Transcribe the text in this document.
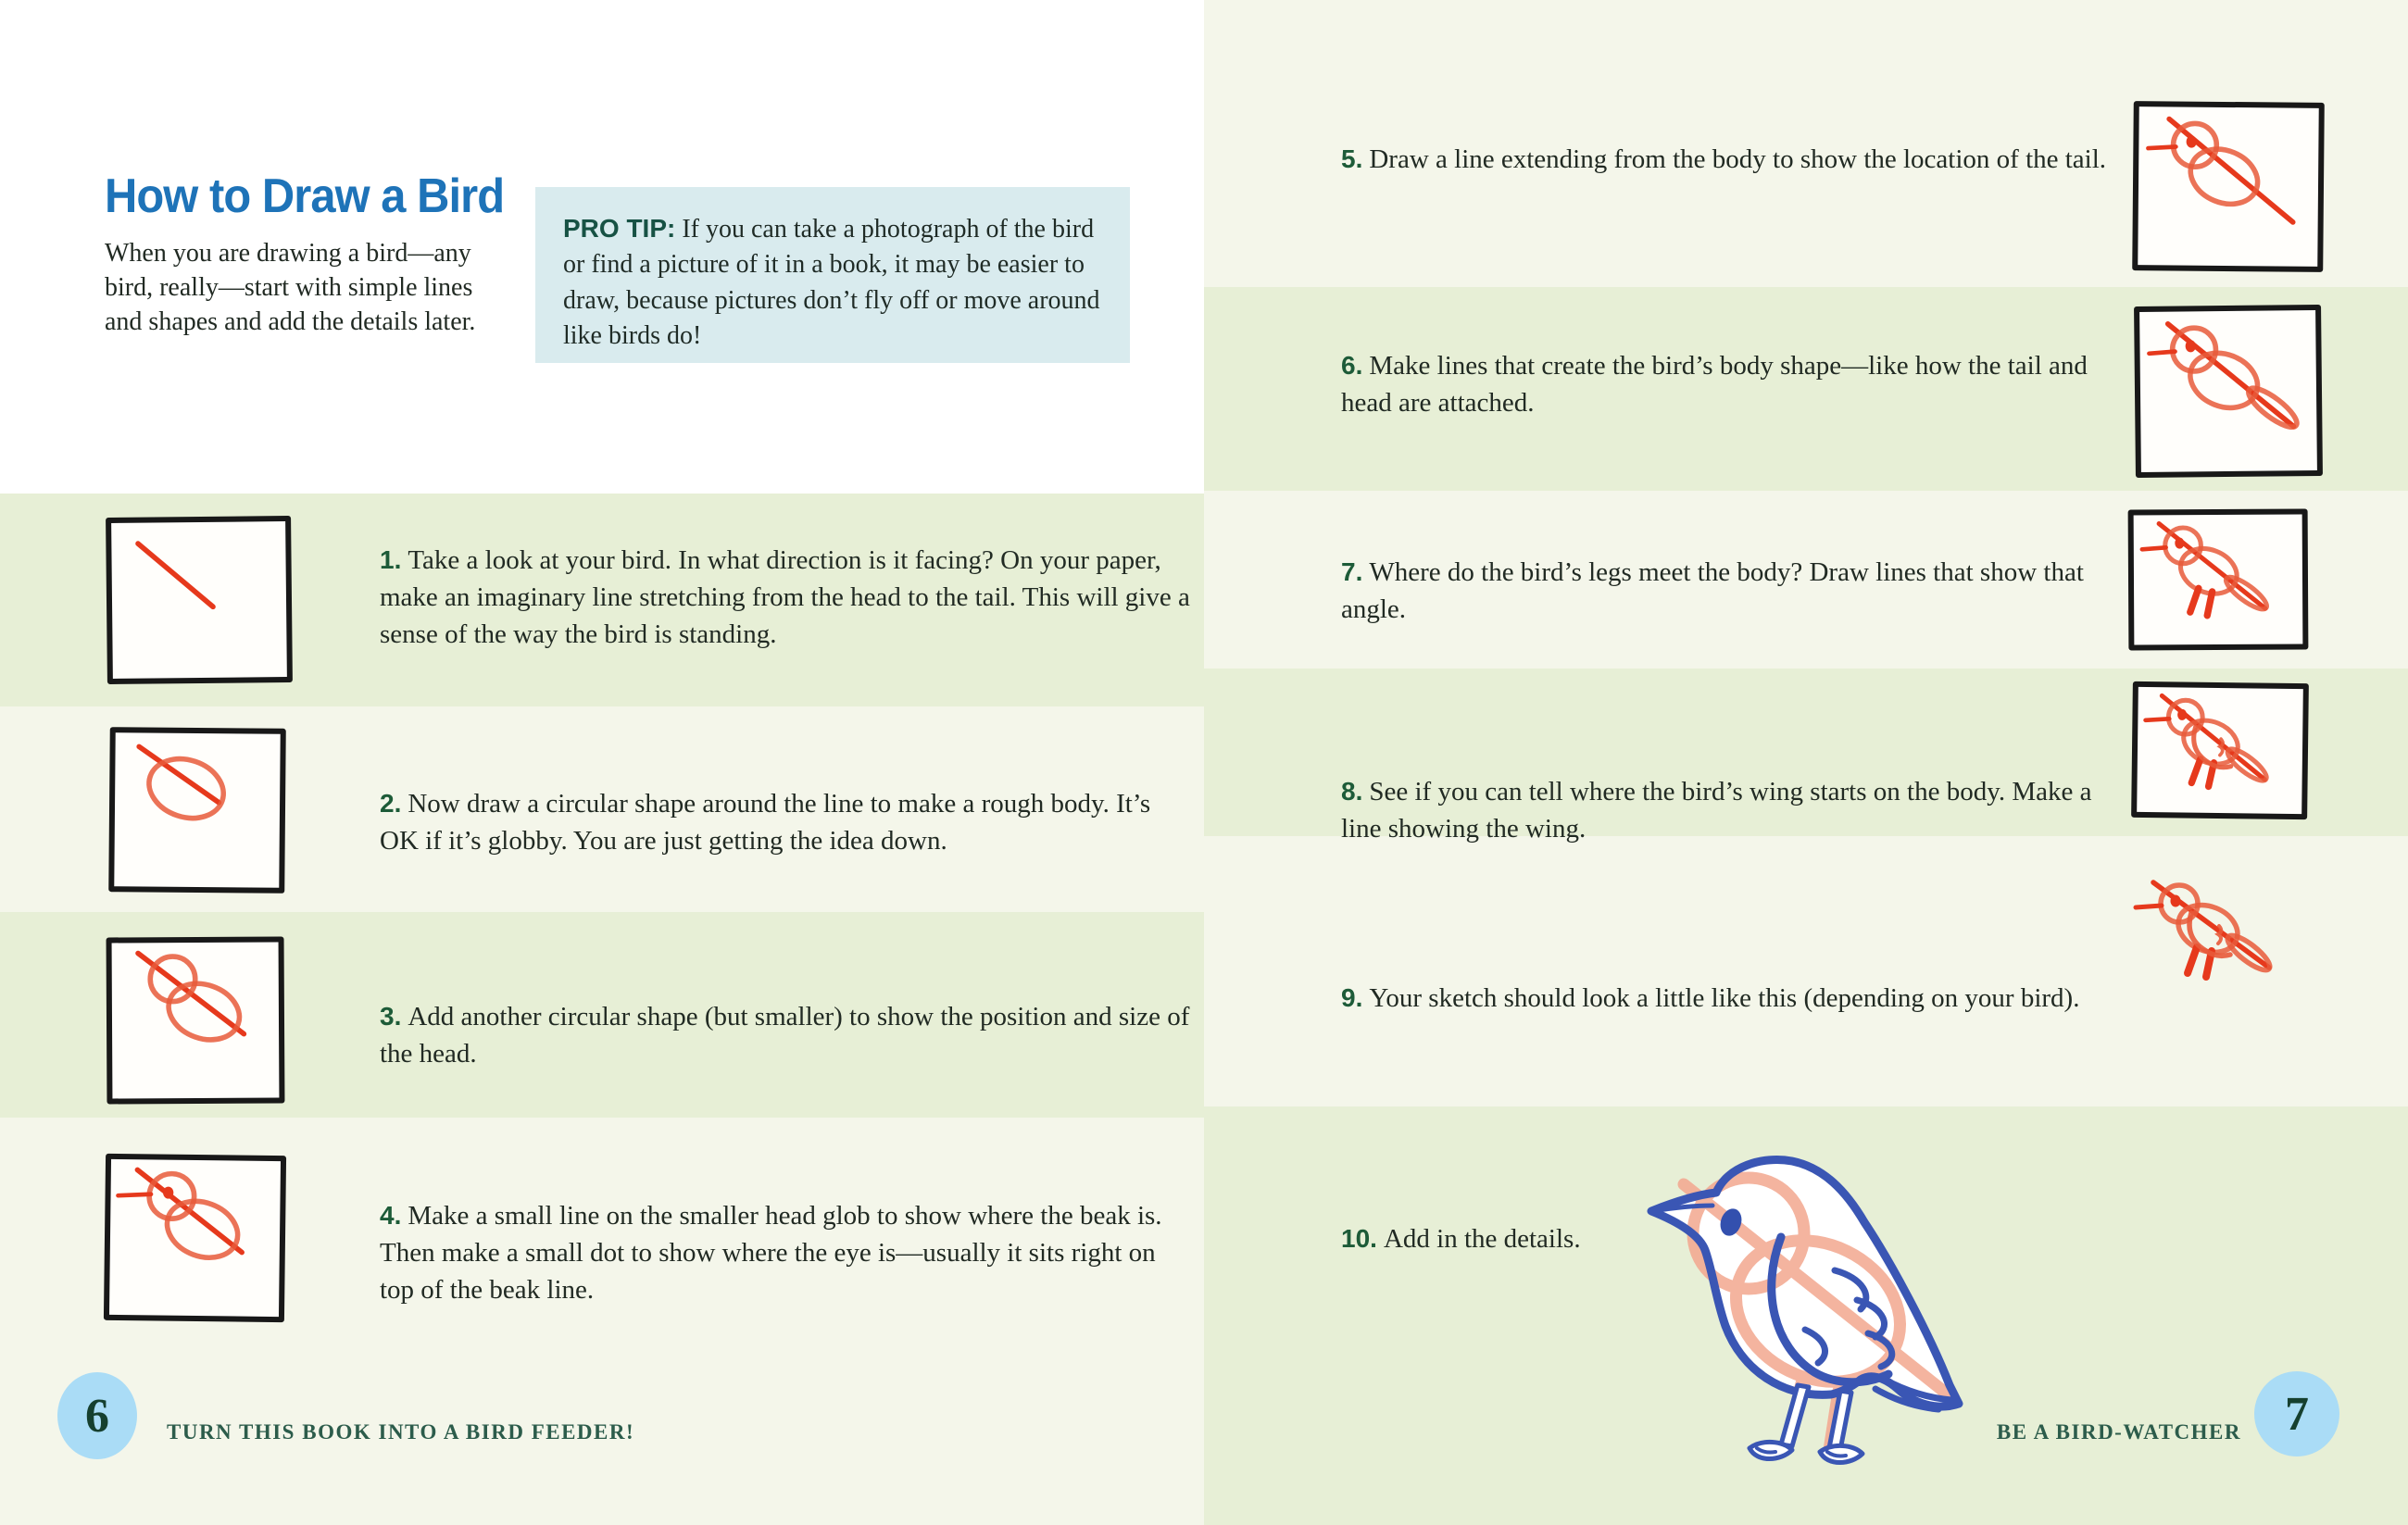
How to Draw a Bird
When you are drawing a bird—any bird, really—start with simple lines and shapes and add the details later.
PRO TIP: If you can take a photograph of the bird or find a picture of it in a book, it may be easier to draw, because pictures don’t fly off or move around like birds do!
1. Take a look at your bird. In what direction is it facing? On your paper, make an imaginary line stretching from the head to the tail. This will give a sense of the way the bird is standing.
2. Now draw a circular shape around the line to make a rough body. It’s OK if it’s globby. You are just getting the idea down.
3. Add another circular shape (but smaller) to show the position and size of the head.
4. Make a small line on the smaller head glob to show where the beak is. Then make a small dot to show where the eye is—usually it sits right on top of the beak line.
6	TURN THIS BOOK INTO A BIRD FEEDER!
5. Draw a line extending from the body to show the location of the tail.
6. Make lines that create the bird’s body shape—like how the tail and head are attached.
7. Where do the bird’s legs meet the body? Draw lines that show that angle.
8. See if you can tell where the bird’s wing starts on the body. Make a line showing the wing.
9. Your sketch should look a little like this (depending on your bird).
10. Add in the details.
BE A BIRD-WATCHER 7
